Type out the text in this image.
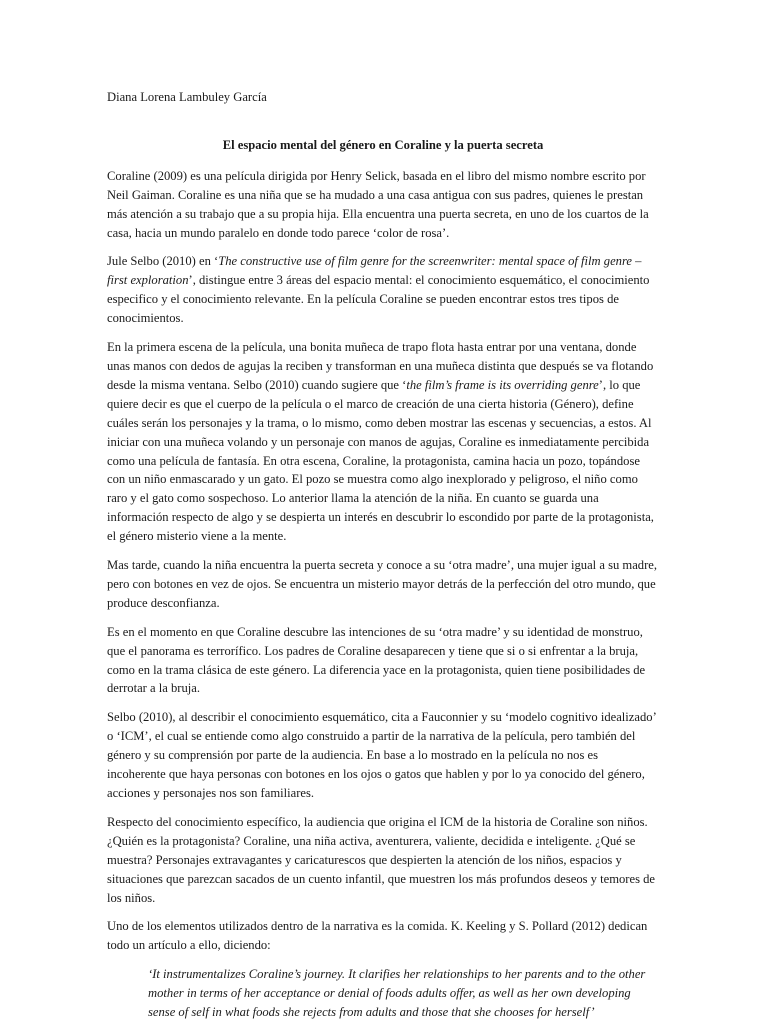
Diana Lorena Lambuley García

El espacio mental del género en Coraline y la puerta secreta

Coraline (2009) es una película dirigida por Henry Selick, basada en el libro del mismo nombre escrito por Neil Gaiman. Coraline es una niña que se ha mudado a una casa antigua con sus padres, quienes le prestan más atención a su trabajo que a su propia hija. Ella encuentra una puerta secreta, en uno de los cuartos de la casa, hacia un mundo paralelo en donde todo parece ‘color de rosa’.

Jule Selbo (2010) en ‘The constructive use of film genre for the screenwriter: mental space of film genre – first exploration’, distingue entre 3 áreas del espacio mental: el conocimiento esquemático, el conocimiento especifico y el conocimiento relevante. En la película Coraline se pueden encontrar estos tres tipos de conocimientos.

En la primera escena de la película, una bonita muñeca de trapo flota hasta entrar por una ventana, donde unas manos con dedos de agujas la reciben y transforman en una muñeca distinta que después se va flotando desde la misma ventana. Selbo (2010) cuando sugiere que ‘the film’s frame is its overriding genre’, lo que quiere decir es que el cuerpo de la película o el marco de creación de una cierta historia (Género), define cuáles serán los personajes y la trama, o lo mismo, como deben mostrar las escenas y secuencias, a estos. Al iniciar con una muñeca volando y un personaje con manos de agujas, Coraline es inmediatamente percibida como una película de fantasía. En otra escena, Coraline, la protagonista, camina hacia un pozo, topándose con un niño enmascarado y un gato. El pozo se muestra como algo inexplorado y peligroso, el niño como raro y el gato como sospechoso. Lo anterior llama la atención de la niña. En cuanto se guarda una información respecto de algo y se despierta un interés en descubrir lo escondido por parte de la protagonista, el género misterio viene a la mente.

Mas tarde, cuando la niña encuentra la puerta secreta y conoce a su ‘otra madre’, una mujer igual a su madre, pero con botones en vez de ojos. Se encuentra un misterio mayor detrás de la perfección del otro mundo, que produce desconfianza.

Es en el momento en que Coraline descubre las intenciones de su ‘otra madre’ y su identidad de monstruo, que el panorama es terrorífico. Los padres de Coraline desaparecen y tiene que si o si enfrentar a la bruja, como en la trama clásica de este género. La diferencia yace en la protagonista, quien tiene posibilidades de derrotar a la bruja.

Selbo (2010), al describir el conocimiento esquemático, cita a Fauconnier y su ‘modelo cognitivo idealizado’ o ‘ICM’, el cual se entiende como algo construido a partir de la narrativa de la película, pero también del género y su comprensión por parte de la audiencia. En base a lo mostrado en la película no nos es incoherente que haya personas con botones en los ojos o gatos que hablen y por lo ya conocido del género, acciones y personajes nos son familiares.

Respecto del conocimiento específico, la audiencia que origina el ICM de la historia de Coraline son niños. ¿Quién es la protagonista? Coraline, una niña activa, aventurera, valiente, decidida e inteligente. ¿Qué se muestra? Personajes extravagantes y caricaturescos que despierten la atención de los niños, espacios y situaciones que parezcan sacados de un cuento infantil, que muestren los más profundos deseos y temores de los niños.

Uno de los elementos utilizados dentro de la narrativa es la comida. K. Keeling y S. Pollard (2012) dedican todo un artículo a ello, diciendo:

‘It instrumentalizes Coraline’s journey. It clarifies her relationships to her parents and to the other mother in terms of her acceptance or denial of foods adults offer, as well as her own developing sense of self in what foods she rejects from adults and those that she chooses for herself’
